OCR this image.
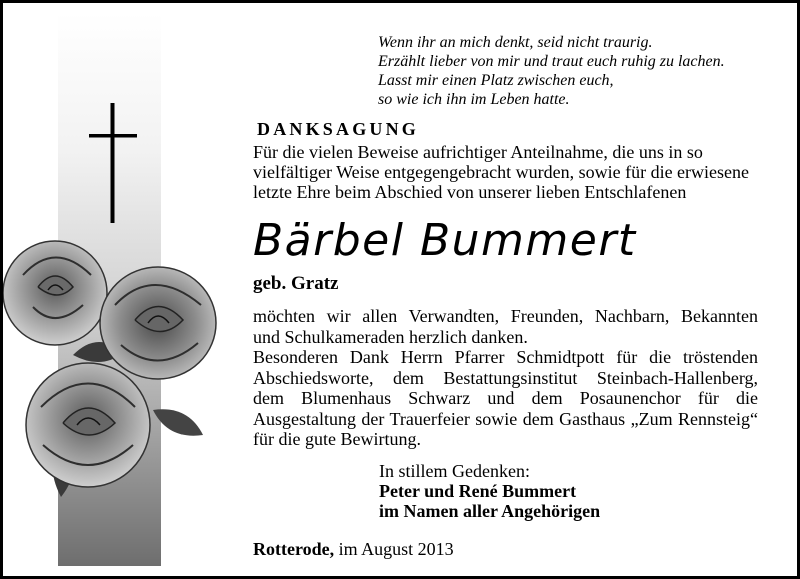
Wenn ihr an mich denkt, seid nicht traurig.
Erzählt lieber von mir und traut euch ruhig zu lachen.
Lasst mir einen Platz zwischen euch,
so wie ich ihn im Leben hatte.
DANKSAGUNG
Für die vielen Beweise aufrichtiger Anteilnahme, die uns in so
vielfältiger Weise entgegengebracht wurden, sowie für die erwiesene
letzte Ehre beim Abschied von unserer lieben Entschlafenen
Bärbel Bummert
geb. Gratz
möchten wir allen Verwandten, Freunden, Nachbarn, Bekannten
und Schulkameraden herzlich danken.
Besonderen Dank Herrn Pfarrer Schmidtpott für die tröstenden
Abschiedsworte, dem Bestattungsinstitut Steinbach-Hallenberg,
dem Blumenhaus Schwarz und dem Posaunenchor für die
Ausgestaltung der Trauerfeier sowie dem Gasthaus „Zum Rennsteig“
für die gute Bewirtung.
In stillem Gedenken:
Peter und René Bummert
im Namen aller Angehörigen
Rotterode, im August 2013
